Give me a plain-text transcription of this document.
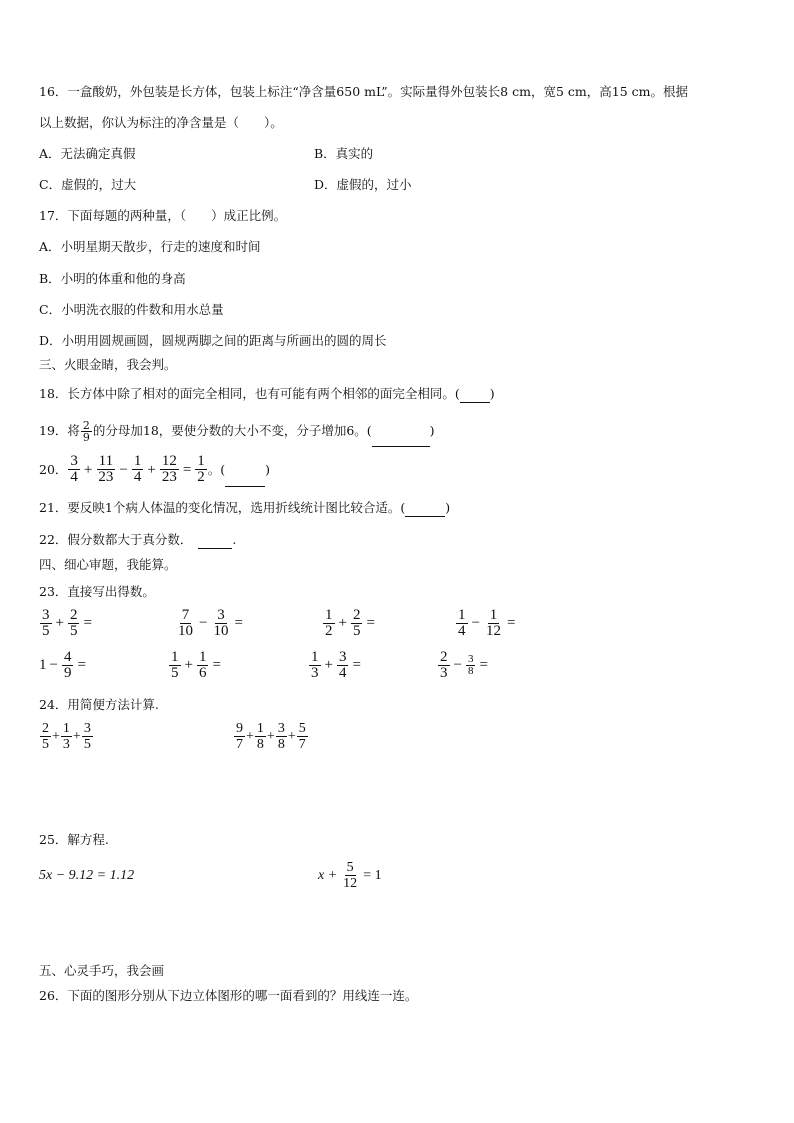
16．一盒酸奶，外包装是长方体，包装上标注“净含量650 mL”。实际量得外包装长8 cm，宽5 cm，高15 cm。根据
以上数据，你认为标注的净含量是（　　）。
A．无法确定真假	B．真实的
C．虚假的，过大	D．虚假的，过小
17．下面每题的两种量，（　　）成正比例。
A．小明星期天散步，行走的速度和时间
B．小明的体重和他的身高
C．小明洗衣服的件数和用水总量
D．小明用圆规画圆，圆规两脚之间的距离与所画出的圆的周长
三、火眼金睛，我会判。
18．长方体中除了相对的面完全相同，也有可能有两个相邻的面完全相同。( )
19．将 $\frac{2}{9}$ 的分母加18，要使分数的大小不变，分子增加6。(	)
20． $\frac{3}{4} + \frac{11}{23} - \frac{1}{4} + \frac{12}{23} = \frac{1}{2}$ 。(
	)
21．要反映1个病人体温的变化情况，选用折线统计图比较合适。(	)
22．假分数都大于真分数．	.
四、细心审题，我能算。
23．直接写出得数。
$\frac{3}{5} + \frac{2}{5}$ =	$\frac{7}{10} - \frac{3}{10}$ =	$\frac{1}{2} + \frac{2}{5}$ =	$\frac{1}{4} - \frac{1}{12}$ =
$1 - \frac{4}{9}$ =	$\frac{1}{5} + \frac{1}{6}$ =	$\frac{1}{3} + \frac{3}{4}$ =	$\frac{2}{3} - \frac{3}{8}$ =
24．用简便方法计算.
$\frac{2}{5} + \frac{1}{3} + \frac{3}{5}$	$\frac{9}{7} + \frac{1}{8} + \frac{3}{8} + \frac{5}{7}$
25．解方程.
5x − 9.12 = 1.12	$x + \frac{5}{12} = 1$
五、心灵手巧，我会画
26．下面的图形分别从下边立体图形的哪一面看到的？用线连一连。
